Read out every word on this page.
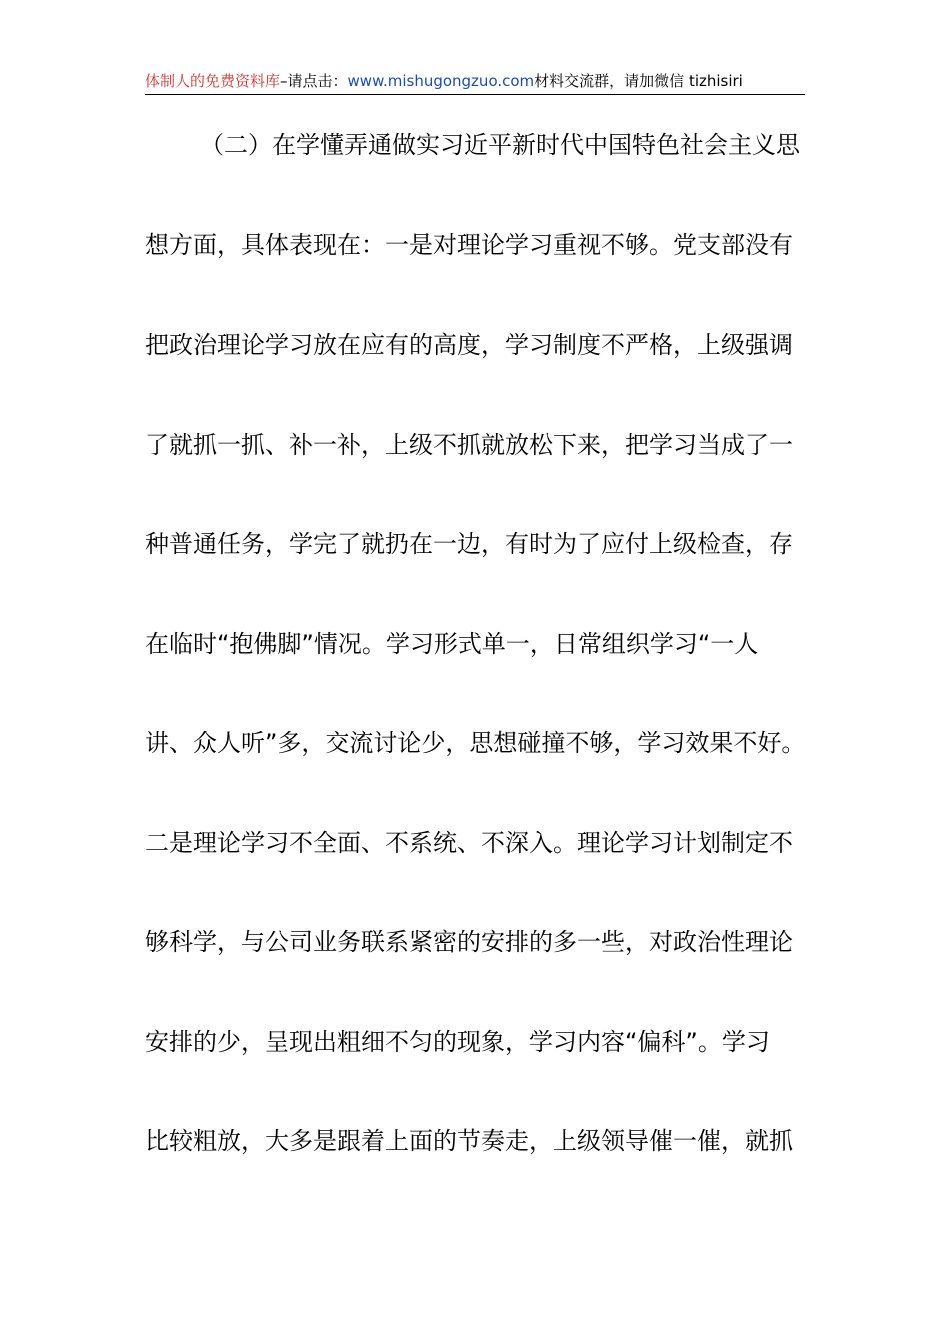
体制人的免费资料库–请点击：www.mishugongzuo.com材料交流群，请加微信 tizhisiri
（二）在学懂弄通做实习近平新时代中国特色社会主义思
想方面，具体表现在：一是对理论学习重视不够。党支部没有
把政治理论学习放在应有的高度，学习制度不严格，上级强调
了就抓一抓、补一补，上级不抓就放松下来，把学习当成了一
种普通任务，学完了就扔在一边，有时为了应付上级检查，存
在临时“抱佛脚”情况。学习形式单一，日常组织学习“一人
讲、众人听”多，交流讨论少，思想碰撞不够，学习效果不好。
二是理论学习不全面、不系统、不深入。理论学习计划制定不
够科学，与公司业务联系紧密的安排的多一些，对政治性理论
安排的少，呈现出粗细不匀的现象，学习内容“偏科”。学习
比较粗放，大多是跟着上面的节奏走，上级领导催一催，就抓
